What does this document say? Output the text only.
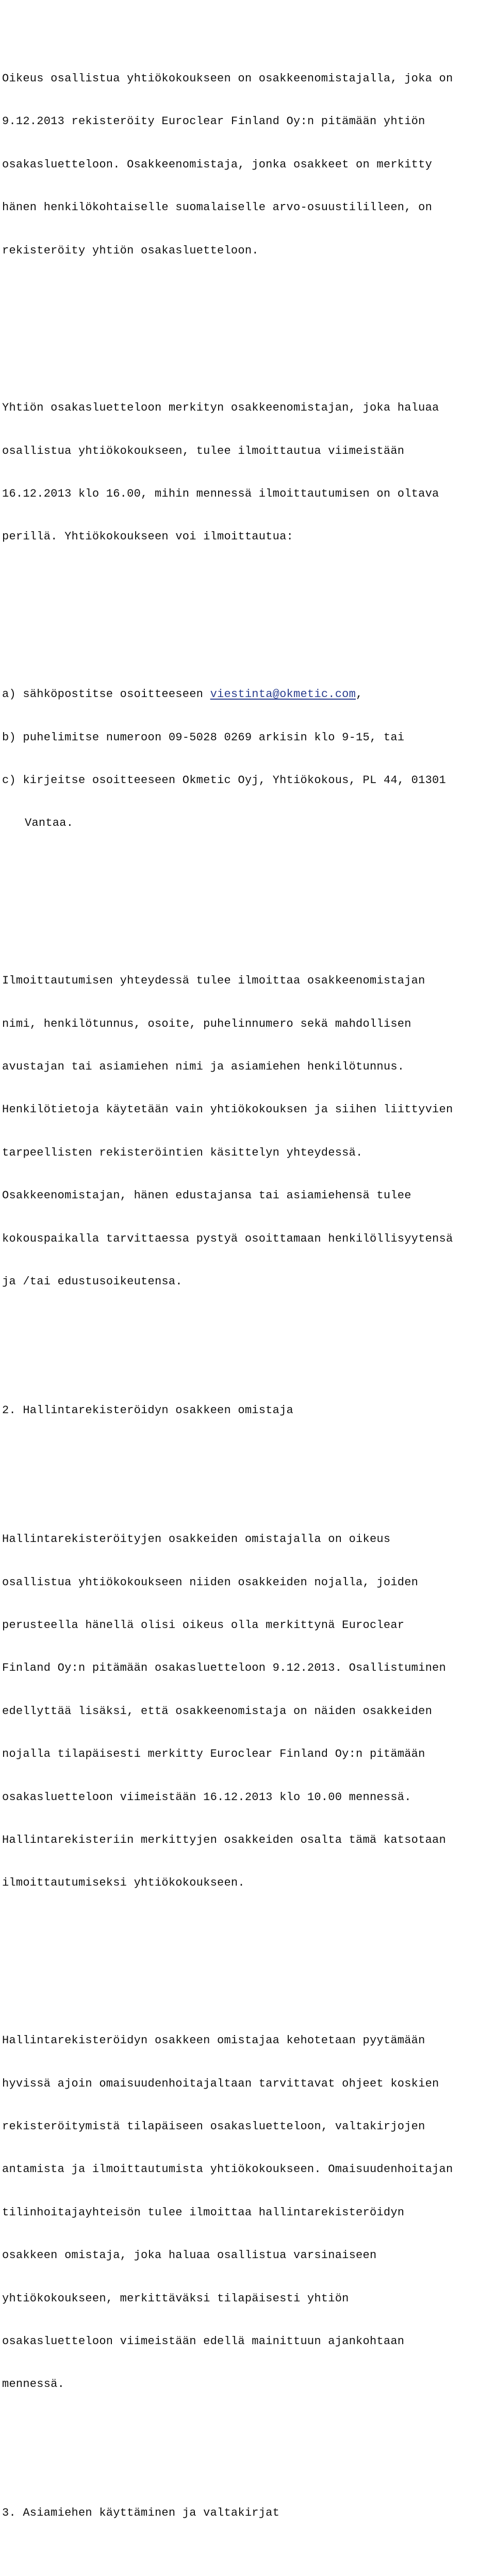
Oikeus osallistua yhtiökokoukseen on osakkeenomistajalla, joka on

9.12.2013 rekisteröity Euroclear Finland Oy:n pitämään yhtiön

osakasluetteloon. Osakkeenomistaja, jonka osakkeet on merkitty

hänen henkilökohtaiselle suomalaiselle arvo-osuustililleen, on

rekisteröity yhtiön osakasluetteloon.

Yhtiön osakasluetteloon merkityn osakkeenomistajan, joka haluaa

osallistua yhtiökokoukseen, tulee ilmoittautua viimeistään

16.12.2013 klo 16.00, mihin mennessä ilmoittautumisen on oltava

perillä. Yhtiökokoukseen voi ilmoittautua:

a) sähköpostitse osoitteeseen viestinta@okmetic.com,

b) puhelimitse numeroon 09-5028 0269 arkisin klo 9-15, tai

c) kirjeitse osoitteeseen Okmetic Oyj, Yhtiökokous, PL 44, 01301

Vantaa.

Ilmoittautumisen yhteydessä tulee ilmoittaa osakkeenomistajan

nimi, henkilötunnus, osoite, puhelinnumero sekä mahdollisen

avustajan tai asiamiehen nimi ja asiamiehen henkilötunnus.

Henkilötietoja käytetään vain yhtiökokouksen ja siihen liittyvien

tarpeellisten rekisteröintien käsittelyn yhteydessä.

Osakkeenomistajan, hänen edustajansa tai asiamiehensä tulee

kokouspaikalla tarvittaessa pystyä osoittamaan henkilöllisyytensä

ja /tai edustusoikeutensa.

2. Hallintarekisteröidyn osakkeen omistaja

Hallintarekisteröityjen osakkeiden omistajalla on oikeus

osallistua yhtiökokoukseen niiden osakkeiden nojalla, joiden

perusteella hänellä olisi oikeus olla merkittynä Euroclear

Finland Oy:n pitämään osakasluetteloon 9.12.2013. Osallistuminen

edellyttää lisäksi, että osakkeenomistaja on näiden osakkeiden

nojalla tilapäisesti merkitty Euroclear Finland Oy:n pitämään

osakasluetteloon viimeistään 16.12.2013 klo 10.00 mennessä.

Hallintarekisteriin merkittyjen osakkeiden osalta tämä katsotaan

ilmoittautumiseksi yhtiökokoukseen.

Hallintarekisteröidyn osakkeen omistajaa kehotetaan pyytämään

hyvissä ajoin omaisuudenhoitajaltaan tarvittavat ohjeet koskien

rekisteröitymistä tilapäiseen osakasluetteloon, valtakirjojen

antamista ja ilmoittautumista yhtiökokoukseen. Omaisuudenhoitajan

tilinhoitajayhteisön tulee ilmoittaa hallintarekisteröidyn

osakkeen omistaja, joka haluaa osallistua varsinaiseen

yhtiökokoukseen, merkittäväksi tilapäisesti yhtiön

osakasluetteloon viimeistään edellä mainittuun ajankohtaan

mennessä.

3. Asiamiehen käyttäminen ja valtakirjat
